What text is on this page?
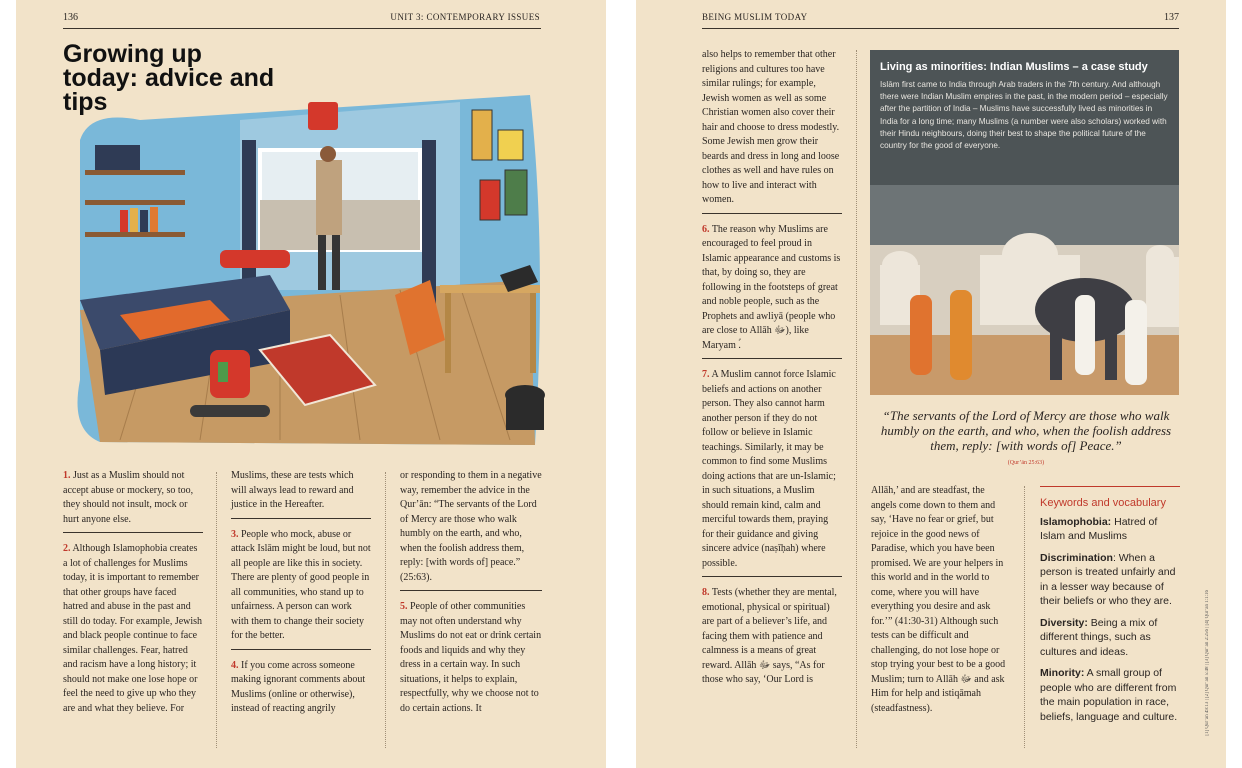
136	UNIT 3: CONTEMPORARY ISSUES
Growing up today: advice and tips

1. Just as a Muslim should not accept abuse or mockery, so too, they should not insult, mock or hurt anyone else.

2. Although Islamophobia creates a lot of challenges for Muslims today, it is important to remember that other groups have faced hatred and abuse in the past and still do today. For example, Jewish and black people continue to face similar challenges. Fear, hatred and racism have a long history; it should not make one lose hope or feel the need to give up who they are and what they believe. For

Muslims, these are tests which will always lead to reward and justice in the Hereafter.

3. People who mock, abuse or attack Islām might be loud, but not all people are like this in society. There are plenty of good people in all communities, who stand up to unfairness. A person can work with them to change their society for the better.

4. If you come across someone making ignorant comments about Muslims (online or otherwise), instead of reacting angrily

or responding to them in a negative way, remember the advice in the Qur’ān: “The servants of the Lord of Mercy are those who walk humbly on the earth, and who, when the foolish address them, reply: [with words of] peace.” (25:63).

5. People of other communities may not often understand why Muslims do not eat or drink certain foods and liquids and why they dress in a certain way. In such situations, it helps to explain, respectfully, why we choose not to do certain actions. It

BEING MUSLIM TODAY	137

also helps to remember that other religions and cultures too have similar rulings; for example, Jewish women as well as some Christian women also cover their hair and choose to dress modestly. Some Jewish men grow their beards and dress in long and loose clothes as well and have rules on how to live and interact with women.

6. The reason why Muslims are encouraged to feel proud in Islamic appearance and customs is that, by doing so, they are following in the footsteps of great and noble people, such as the Prophets and awliyā (people who are close to Allāh ﷻ), like Maryam ؑ.

7. A Muslim cannot force Islamic beliefs and actions on another person. They also cannot harm another person if they do not follow or believe in Islamic teachings. Similarly, it may be common to find some Muslims doing actions that are un-Islamic; in such situations, a Muslim should remain kind, calm and merciful towards them, praying for their guidance and giving sincere advice (naṣīḥah) where possible.

8. Tests (whether they are mental, emotional, physical or spiritual) are part of a believer’s life, and facing them with patience and calmness is a means of great reward. Allāh ﷻ says, “As for those who say, ‘Our Lord is

Living as minorities: Indian Muslims – a case study

Islām first came to India through Arab traders in the 7th century. And although there were Indian Muslim empires in the past, in the modern period – especially after the partition of India – Muslims have successfully lived as minorities in India for a long time; many Muslims (a number were also scholars) worked with their Hindu neighbours, doing their best to shape the political future of the country for the good of everyone.

“The servants of the Lord of Mercy are those who walk humbly on the earth, and who, when the foolish address them, reply: [with words of] Peace.”
(Qur’ān 25:63)

Allāh,’ and are steadfast, the angels come down to them and say, ‘Have no fear or grief, but rejoice in the good news of Paradise, which you have been promised. We are your helpers in this world and in the world to come, where you will have everything you desire and ask for.’” (41:30-31) Although such tests can be difficult and challenging, do not lose hope or stop trying your best to be a good Muslim; turn to Allāh ﷻ and ask Him for help and istiqāmah (steadfastness).

Keywords and vocabulary

Islamophobia: Hatred of Islam and Muslims

Discrimination: When a person is treated unfairly and in a lesser way because of their beliefs or who they are.

Diversity: Being a mix of different things, such as cultures and ideas.

Minority: A small group of people who are different from the main population in race, beliefs, language and culture.	[1] Qur’ān 49:13 | [2] Qur’ān 5:48 | [3] Qur’ān 2:256 | [4] Qur’ān 1:1:16
